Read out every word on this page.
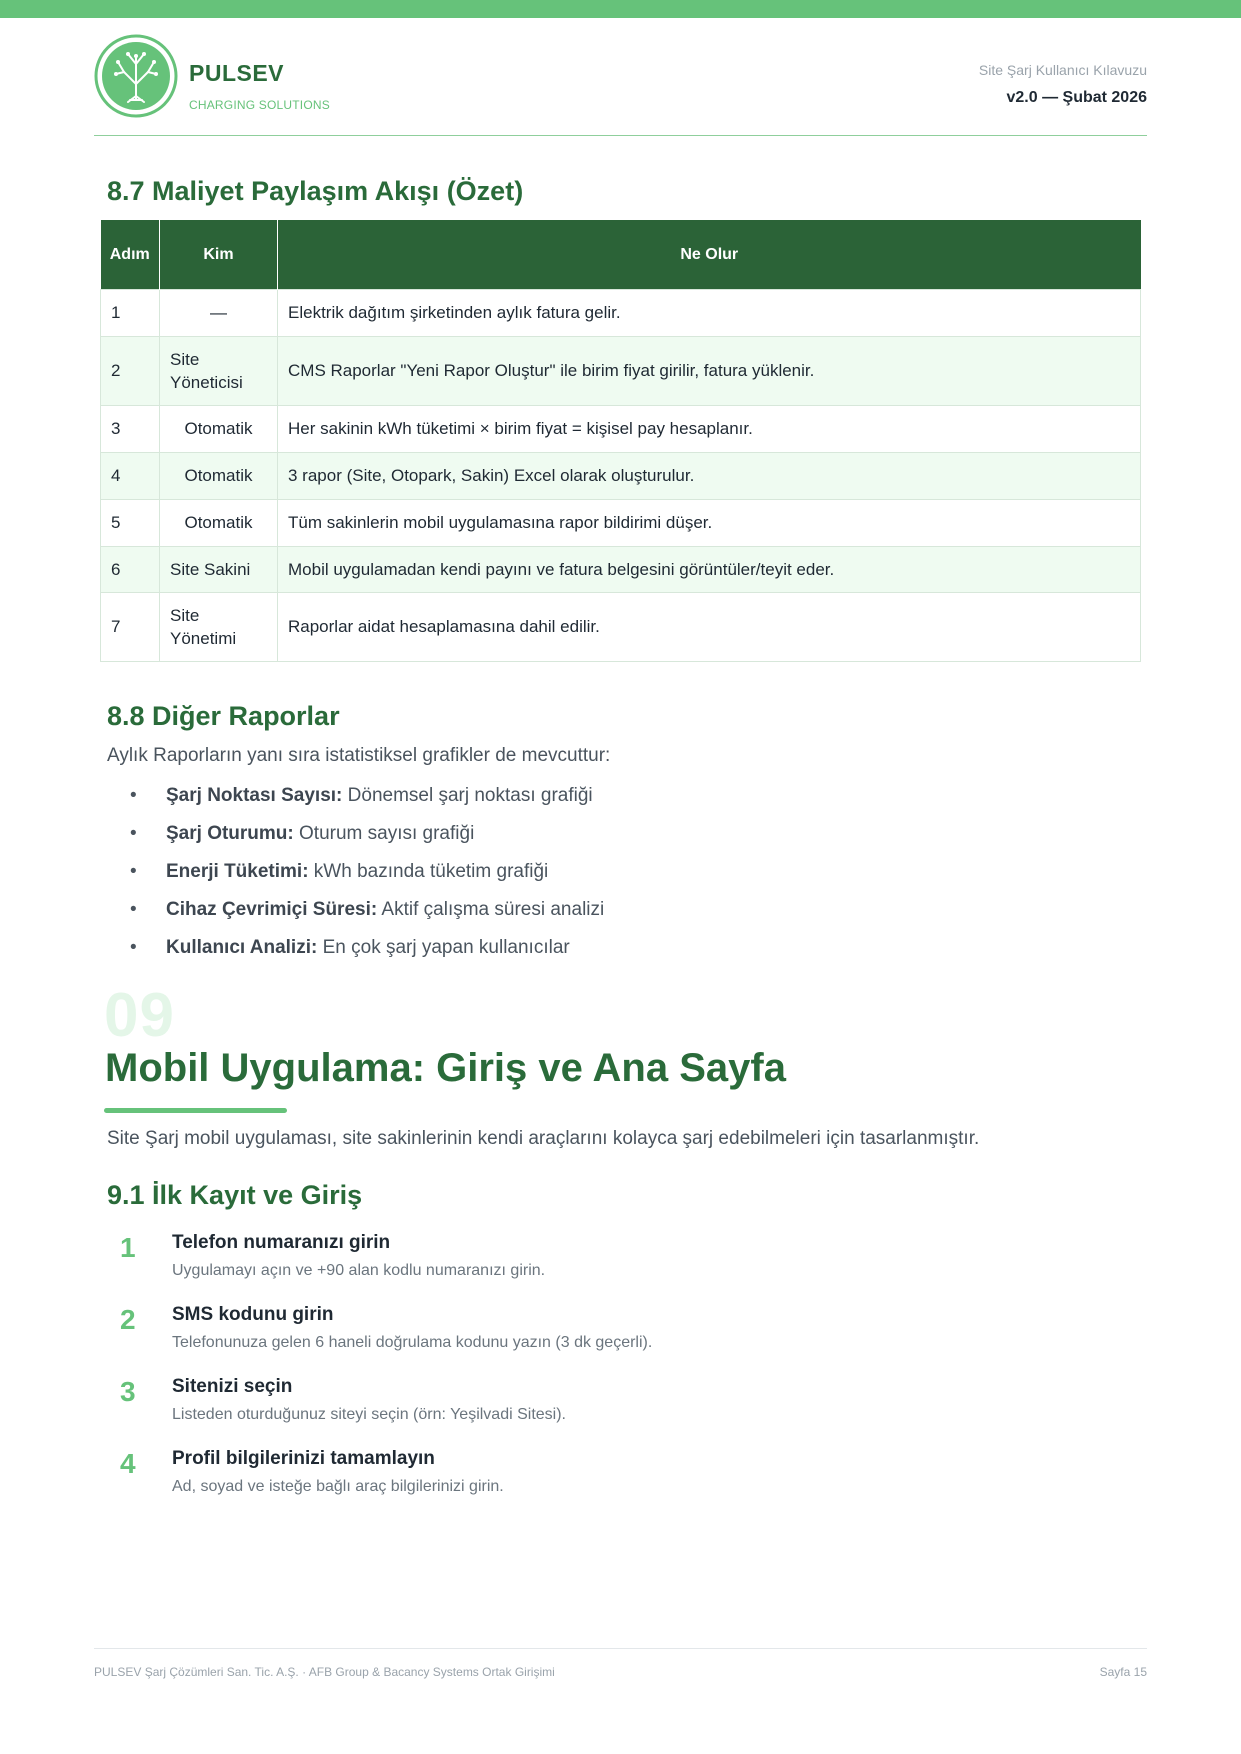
PULSEV
CHARGING SOLUTIONS
Site Şarj Kullanıcı Kılavuzu
v2.0 — Şubat 2026
8.7 Maliyet Paylaşım Akışı (Özet)
Adım	Kim	Ne Olur
1	—	Elektrik dağıtım şirketinden aylık fatura gelir.
2	Site Yöneticisi	CMS Raporlar "Yeni Rapor Oluştur" ile birim fiyat girilir, fatura yüklenir.
3	Otomatik	Her sakinin kWh tüketimi × birim fiyat = kişisel pay hesaplanır.
4	Otomatik	3 rapor (Site, Otopark, Sakin) Excel olarak oluşturulur.
5	Otomatik	Tüm sakinlerin mobil uygulamasına rapor bildirimi düşer.
6	Site Sakini	Mobil uygulamadan kendi payını ve fatura belgesini görüntüler/teyit eder.
7	Site Yönetimi	Raporlar aidat hesaplamasına dahil edilir.
8.8 Diğer Raporlar

Aylık Raporların yanı sıra istatistiksel grafikler de mevcuttur:

• Şarj Noktası Sayısı: Dönemsel şarj noktası grafiği
• Şarj Oturumu: Oturum sayısı grafiği
• Enerji Tüketimi: kWh bazında tüketim grafiği
• Cihaz Çevrimiçi Süresi: Aktif çalışma süresi analizi
• Kullanıcı Analizi: En çok şarj yapan kullanıcılar
09
Mobil Uygulama: Giriş ve Ana Sayfa

Site Şarj mobil uygulaması, site sakinlerinin kendi araçlarını kolayca şarj edebilmeleri için tasarlanmıştır.

9.1 İlk Kayıt ve Giriş
1	Telefon numaranızı girin
Uygulamayı açın ve +90 alan kodlu numaranızı girin.
2	SMS kodunu girin
Telefonunuza gelen 6 haneli doğrulama kodunu yazın (3 dk geçerli).
3	Sitenizi seçin
Listeden oturduğunuz siteyi seçin (örn: Yeşilvadi Sitesi).
4	Profil bilgilerinizi tamamlayın
Ad, soyad ve isteğe bağlı araç bilgilerinizi girin.
PULSEV Şarj Çözümleri San. Tic. A.Ş. · AFB Group & Bacancy Systems Ortak Girişimi	Sayfa 15
